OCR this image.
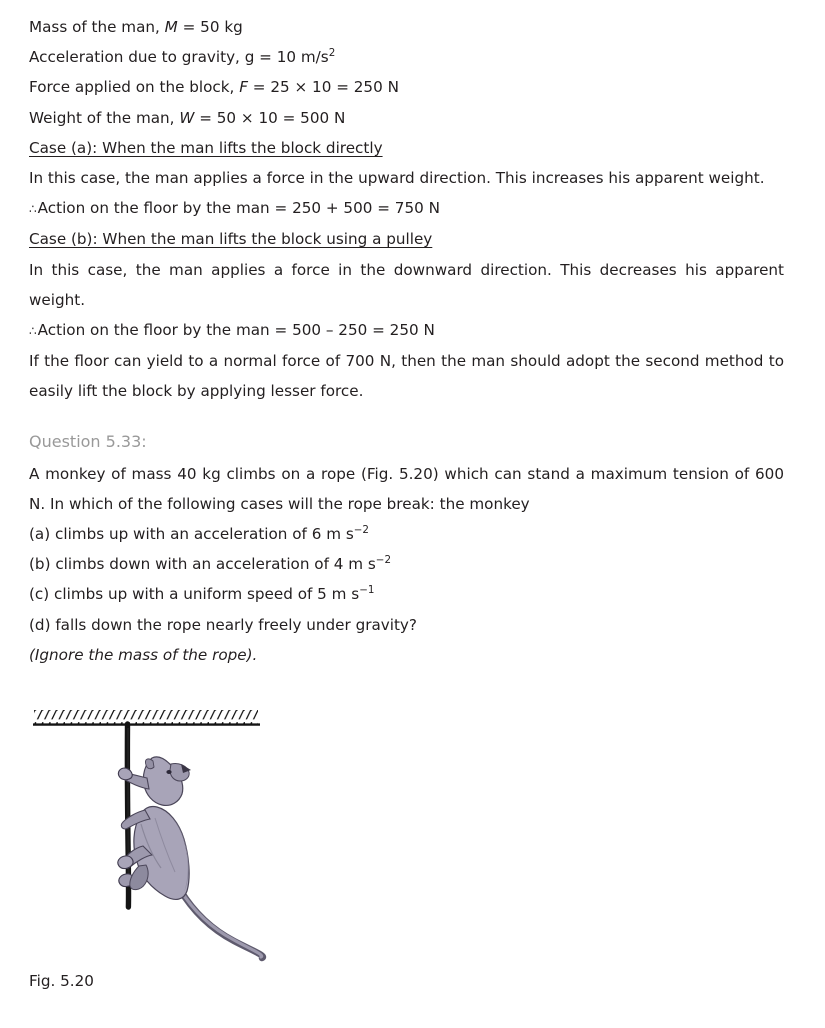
Mass of the man, M = 50 kg
Acceleration due to gravity, g = 10 $m/s^2$
Force applied on the block, F = 25 × 10 = 250 N
Weight of the man, W = 50 × 10 = 500 N
Case (a): When the man lifts the block directly
In this case, the man applies a force in the upward direction. This increases his apparent weight.
∴Action on the floor by the man = 250 + 500 = 750 N
Case (b): When the man lifts the block using a pulley
In this case, the man applies a force in the downward direction. This decreases his apparent weight.
∴Action on the floor by the man = 500 – 250 = 250 N
If the floor can yield to a normal force of 700 N, then the man should adopt the second method to easily lift the block by applying lesser force.
Question 5.33:
A monkey of mass 40 kg climbs on a rope (Fig. 5.20) which can stand a maximum tension of 600 N. In which of the following cases will the rope break: the monkey
(a) climbs up with an acceleration of 6 m $s^{-2}$
(b) climbs down with an acceleration of 4 m $s^{-2}$
(c) climbs up with a uniform speed of 5 m $s^{-1}$
(d) falls down the rope nearly freely under gravity?
(Ignore the mass of the rope).
Fig. 5.20
